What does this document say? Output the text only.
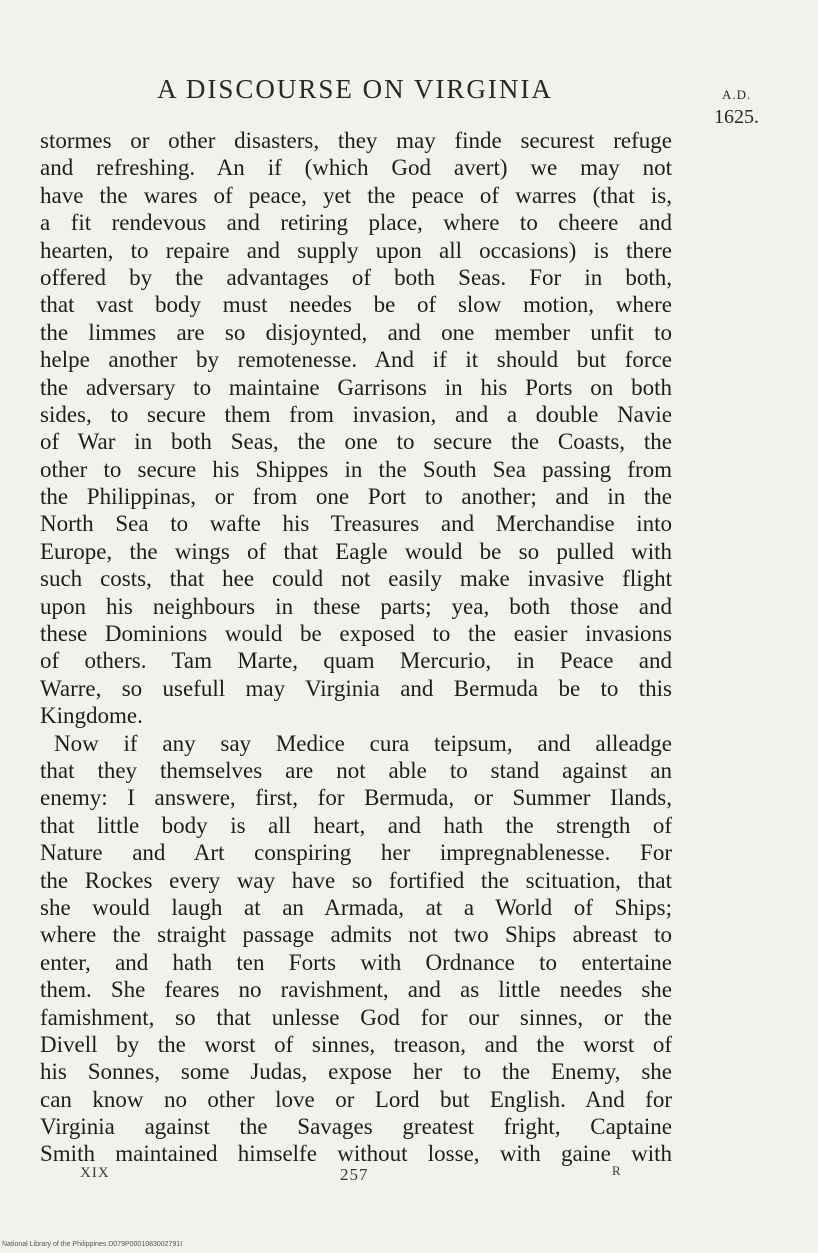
A DISCOURSE ON VIRGINIA	A.D.
1625.
stormes or other disasters, they may finde securest refuge
and refreshing. An if (which God avert) we may not
have the wares of peace, yet the peace of warres (that is,
a fit rendevous and retiring place, where to cheere and
hearten, to repaire and supply upon all occasions) is there
offered by the advantages of both Seas. For in both,
that vast body must needes be of slow motion, where
the limmes are so disjoynted, and one member unfit to
helpe another by remotenesse. And if it should but force
the adversary to maintaine Garrisons in his Ports on both
sides, to secure them from invasion, and a double Navie
of War in both Seas, the one to secure the Coasts, the
other to secure his Shippes in the South Sea passing from
the Philippinas, or from one Port to another; and in the
North Sea to wafte his Treasures and Merchandise into
Europe, the wings of that Eagle would be so pulled with
such costs, that hee could not easily make invasive flight
upon his neighbours in these parts; yea, both those and
these Dominions would be exposed to the easier invasions
of others. Tam Marte, quam Mercurio, in Peace and
Warre, so usefull may Virginia and Bermuda be to this
Kingdome.
Now if any say Medice cura teipsum, and alleadge
that they themselves are not able to stand against an
enemy: I answere, first, for Bermuda, or Summer Ilands,
that little body is all heart, and hath the strength of
Nature and Art conspiring her impregnablenesse. For
the Rockes every way have so fortified the scituation, that
she would laugh at an Armada, at a World of Ships;
where the straight passage admits not two Ships abreast to
enter, and hath ten Forts with Ordnance to entertaine
them. She feares no ravishment, and as little needes she
famishment, so that unlesse God for our sinnes, or the
Divell by the worst of sinnes, treason, and the worst of
his Sonnes, some Judas, expose her to the Enemy, she
can know no other love or Lord but English. And for
Virginia against the Savages greatest fright, Captaine
Smith maintained himselfe without losse, with gaine with
XIX	257	R
National Library of the Philippines D079P0001083002791I
